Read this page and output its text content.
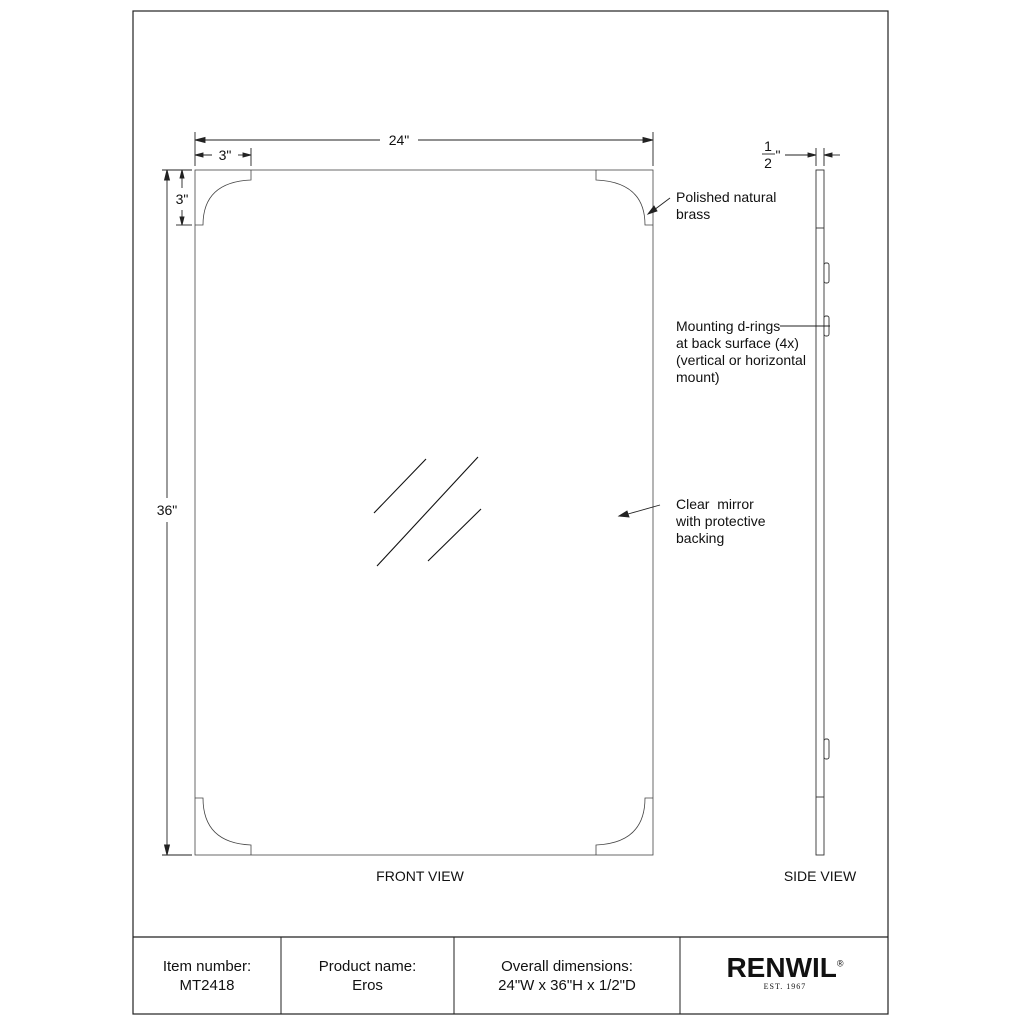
24"
3"
3"
36"
1
2 "
Polished natural
brass
Mounting d-rings
at back surface (4x)
(vertical or horizontal
mount)
Clear  mirror
with protective
backing
FRONT VIEW	SIDE VIEW
Item number:
MT2418
Product name:
Eros
Overall dimensions:
24"W x 36"H x 1/2"D
RENWIL®
EST. 1967
